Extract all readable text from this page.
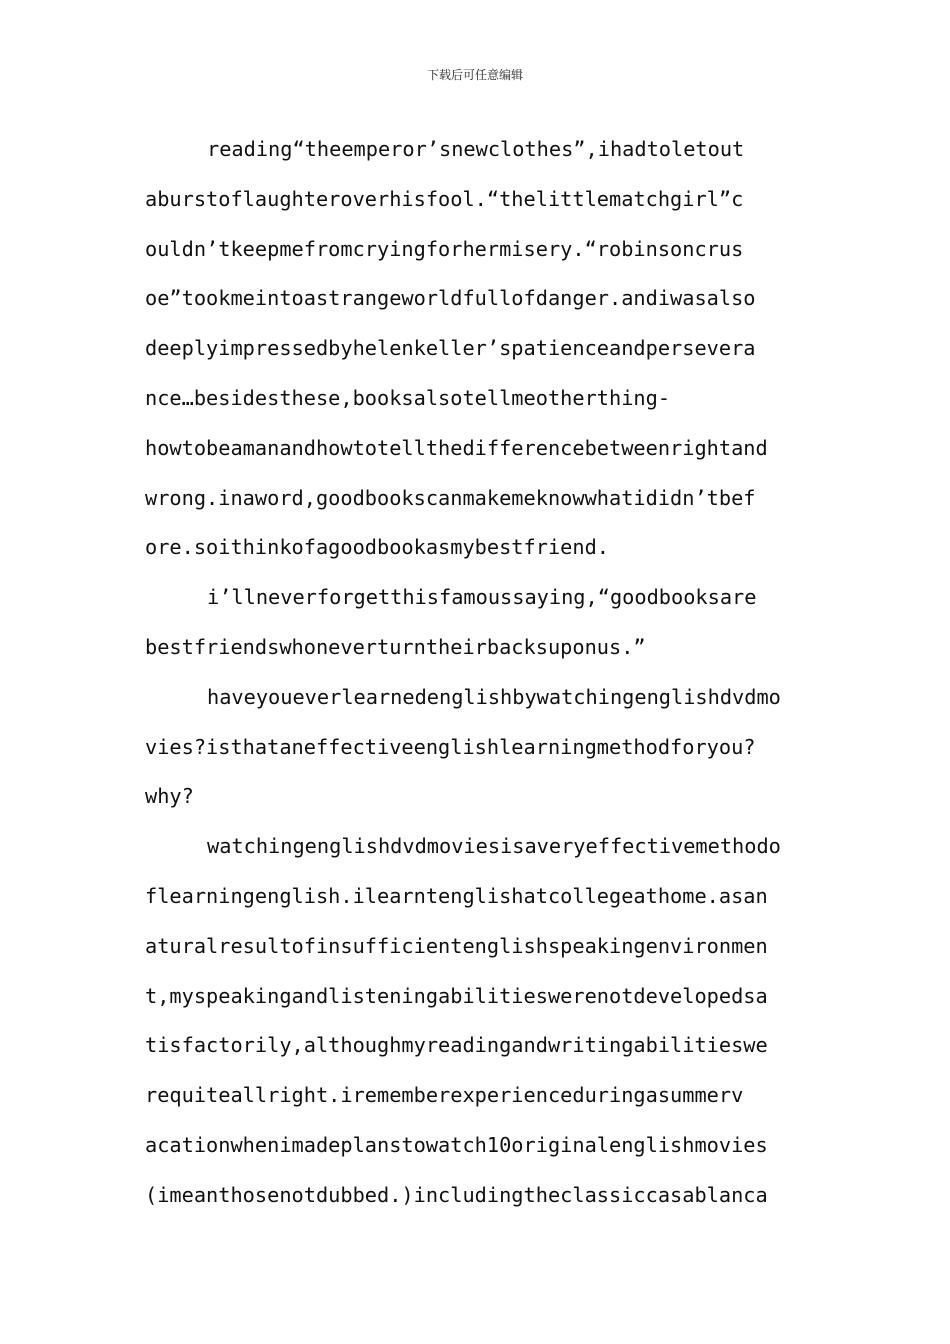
下载后可任意编辑
reading“theemperor’snewclothes”,ihadtoletout
aburstoflaughteroverhisfool.“thelittlematchgirl”c
ouldn’tkeepmefromcryingforhermisery.“robinsoncrus
oe”tookmeintoastrangeworldfullofdanger.andiwasalso
deeplyimpressedbyhelenkeller’spatienceandpersevera
nce…besidesthese,booksalsotellmeotherthing-
howtobeamanandhowtotellthedifferencebetweenrightand
wrong.inaword,goodbookscanmakemeknowwhatididn’tbef
ore.soithinkofagoodbookasmybestfriend.
i’llneverforgetthisfamoussaying,“goodbooksare
bestfriendswhoneverturntheirbacksuponus.”
haveyoueverlearnedenglishbywatchingenglishdvdmo
vies?isthataneffectiveenglishlearningmethodforyou?
why?
watchingenglishdvdmoviesisaveryeffectivemethodo
flearningenglish.ilearntenglishatcollegeathome.asan
aturalresultofinsufficientenglishspeakingenvironmen
t,myspeakingandlisteningabilitieswerenotdevelopedsa
tisfactorily,althoughmyreadingandwritingabilitieswe
requiteallright.irememberexperienceduringasummerv
acationwhenimadeplanstowatch10originalenglishmovies
(imeanthosenotdubbed.)includingtheclassiccasablanca
